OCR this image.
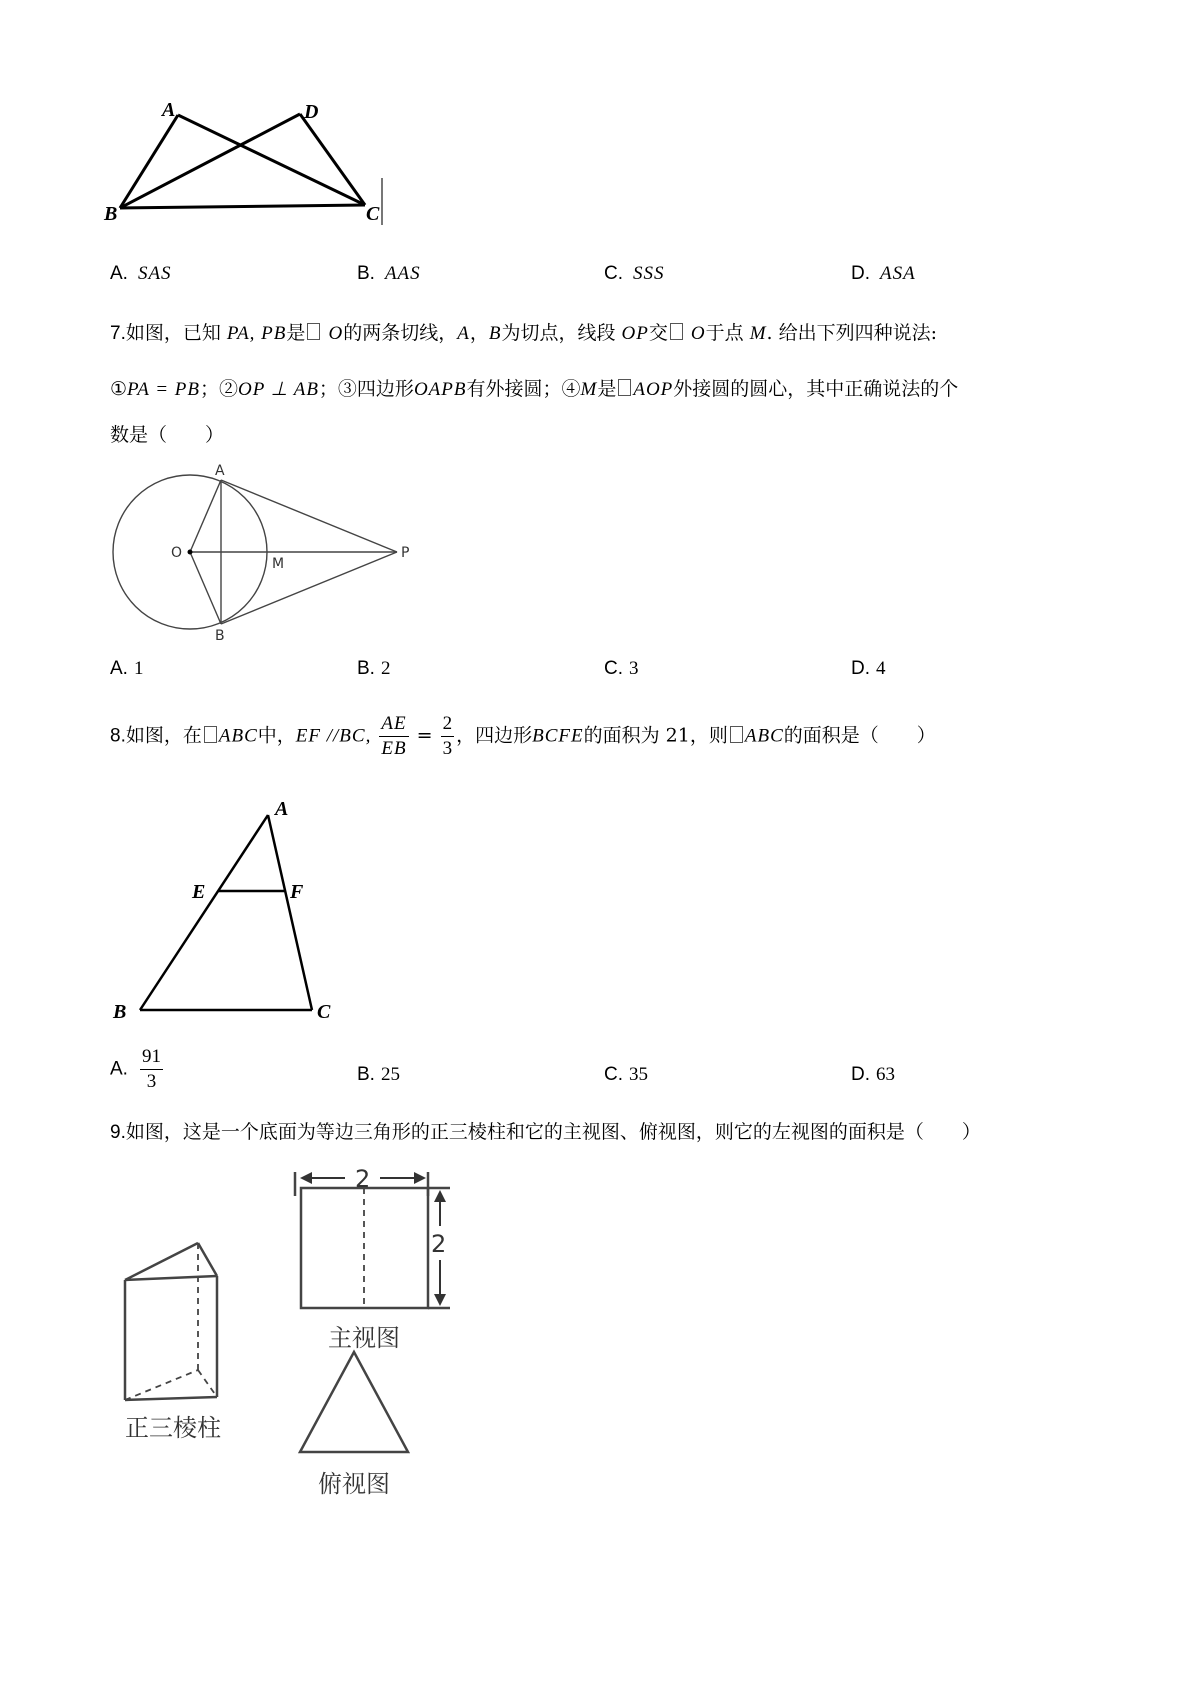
A	D
B	C
A. SAS	B. AAS	C. SSS	D. ASA
7.如图，已知 PA, PB是 O的两条切线，A，B为切点，线段 OP交 O于点 M. 给出下列四种说法:
①PA = PB；②OP ⊥ AB；③四边形OAPB有外接圆；④M是 AOP外接圆的圆心，其中正确说法的个
数是（　　）
A
O
M
P
B
A. 1	B. 2	C. 3	D. 4
8.如图，在 ABC中，EF //BC, $\frac{AE}{EB} = \frac{2}{3}$ ，四边形BCFE的面积为 21，则 ABC的面积是（　　）
A
E	F
B	C
A. $\frac{91}{3}$	B. 25	C. 35	D. 63
9.如图，这是一个底面为等边三角形的正三棱柱和它的主视图、俯视图，则它的左视图的面积是（　　）
2
2
主视图
正三棱柱
俯视图
